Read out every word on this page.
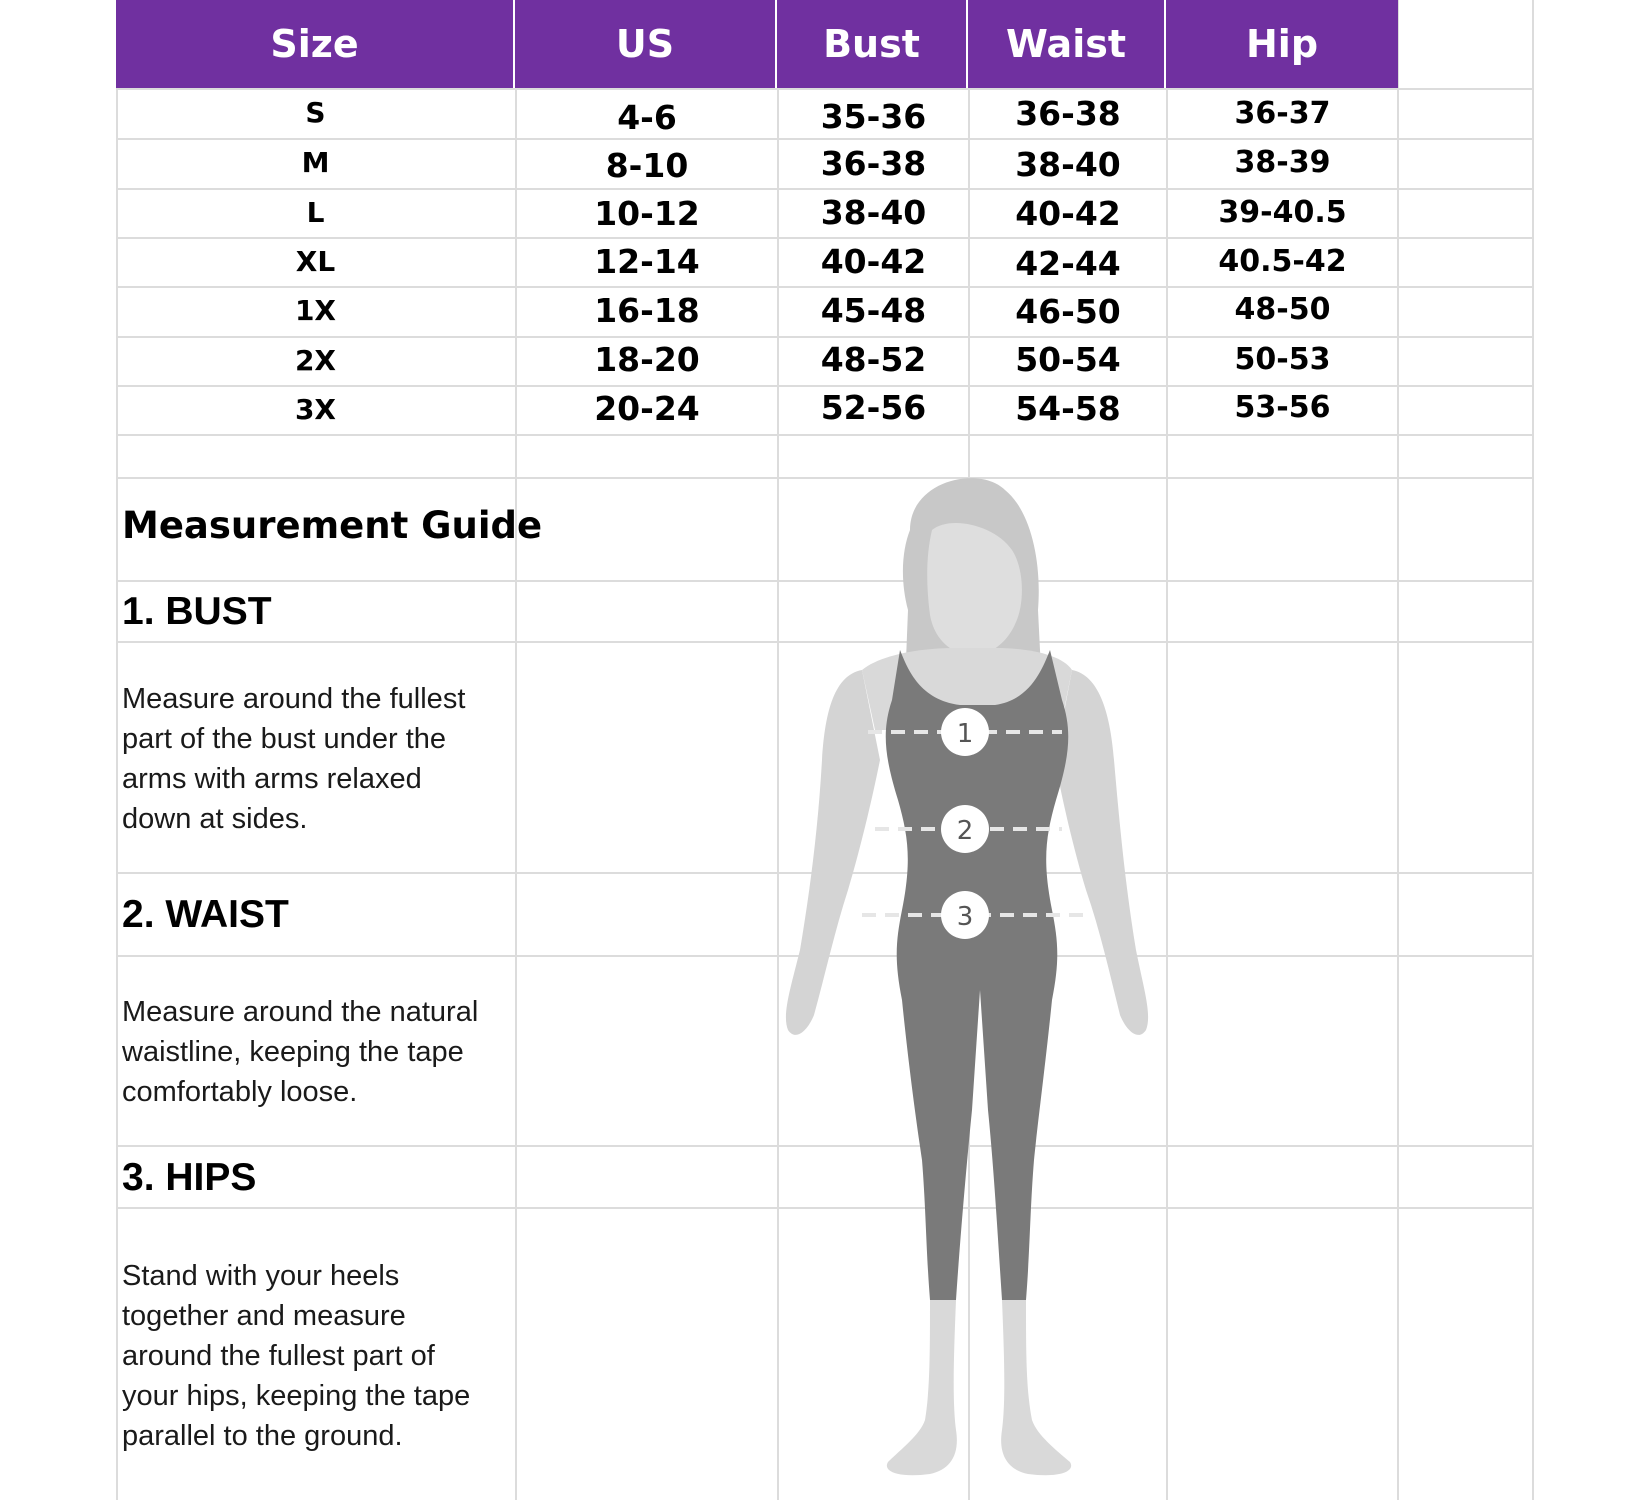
Size	US	Bust	Waist	Hip
S	4-6	35-36	36-38	36-37
M	8-10	36-38	38-40	38-39
L	10-12	38-40	40-42	39-40.5
XL	12-14	40-42	42-44	40.5-42
1X	16-18	45-48	46-50	48-50
2X	18-20	48-52	50-54	50-53
3X	20-24	52-56	54-58	53-56
Measurement Guide
1. BUST
Measure around the fullest
part of the bust under the
arms with arms relaxed
down at sides.
2. WAIST
Measure around the natural
waistline, keeping the tape
comfortably loose.
3. HIPS
Stand with your heels
together and measure
around the fullest part of
your hips, keeping the tape
parallel to the ground.
1
2
3
